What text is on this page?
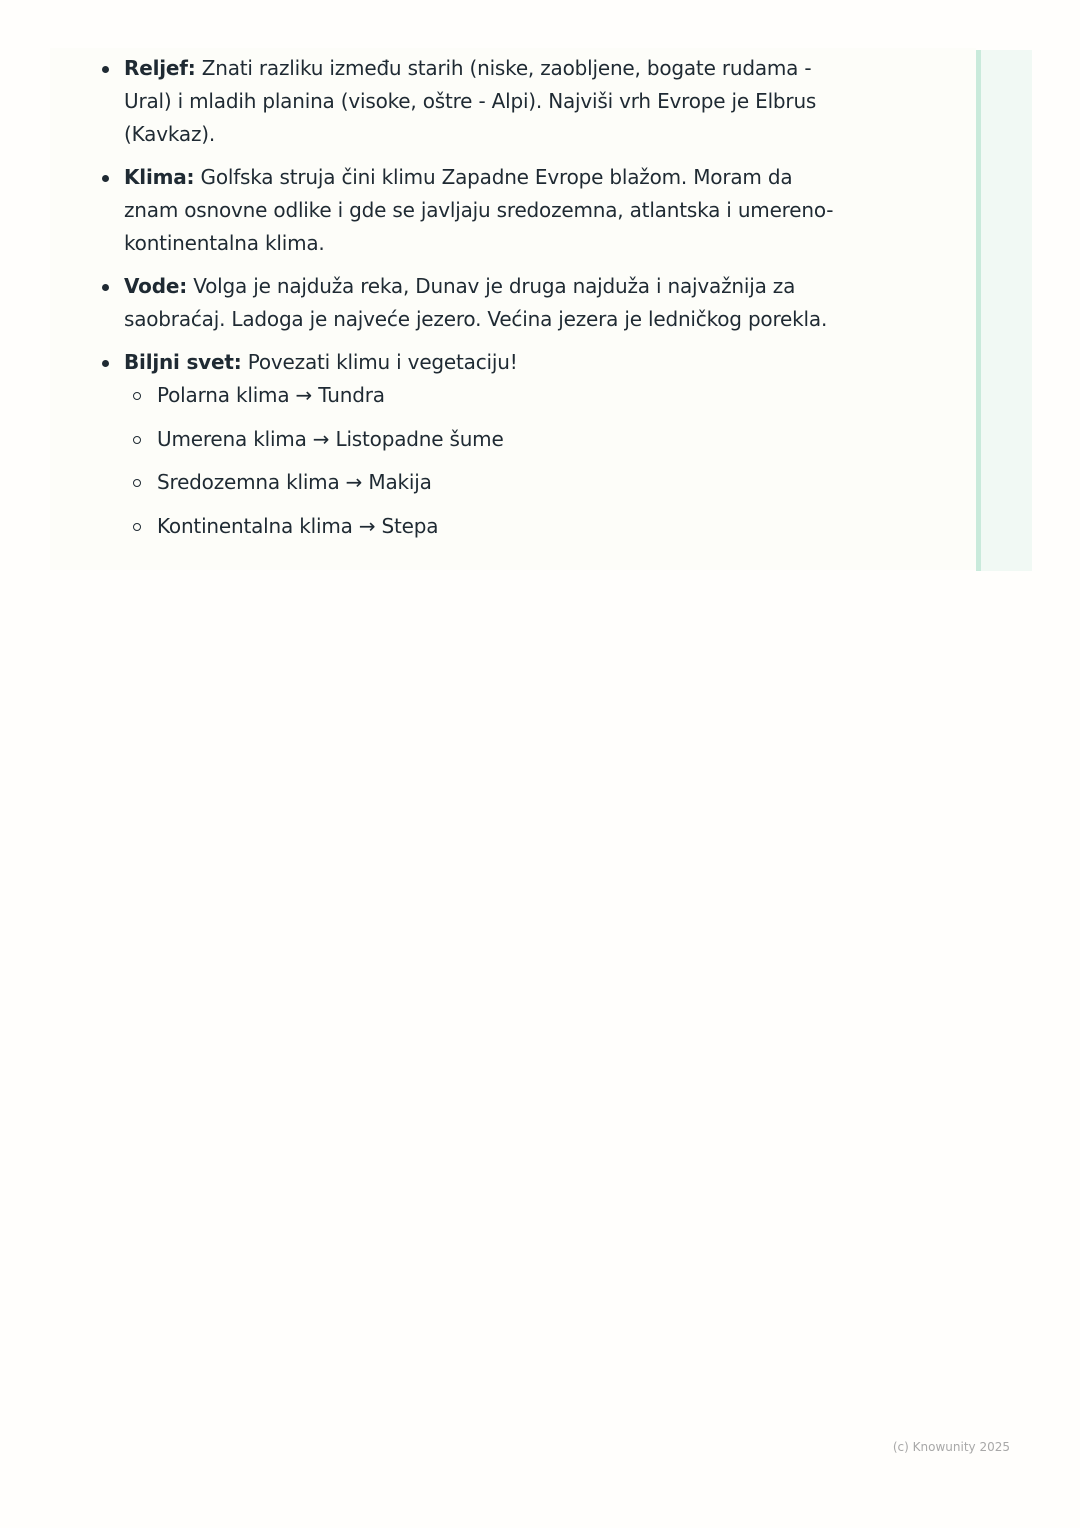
Reljef: Znati razliku između starih (niske, zaobljene, bogate rudama - Ural) i mladih planina (visoke, oštre - Alpi). Najviši vrh Evrope je Elbrus (Kavkaz).
Klima: Golfska struja čini klimu Zapadne Evrope blažom. Moram da znam osnovne odlike i gde se javljaju sredozemna, atlantska i umereno-kontinentalna klima.
Vode: Volga je najduža reka, Dunav je druga najduža i najvažnija za saobraćaj. Ladoga je najveće jezero. Većina jezera je ledničkog porekla.
Biljni svet: Povezati klimu i vegetaciju!
Polarna klima → Tundra
Umerena klima → Listopadne šume
Sredozemna klima → Makija
Kontinentalna klima → Stepa
(c) Knowunity 2025
